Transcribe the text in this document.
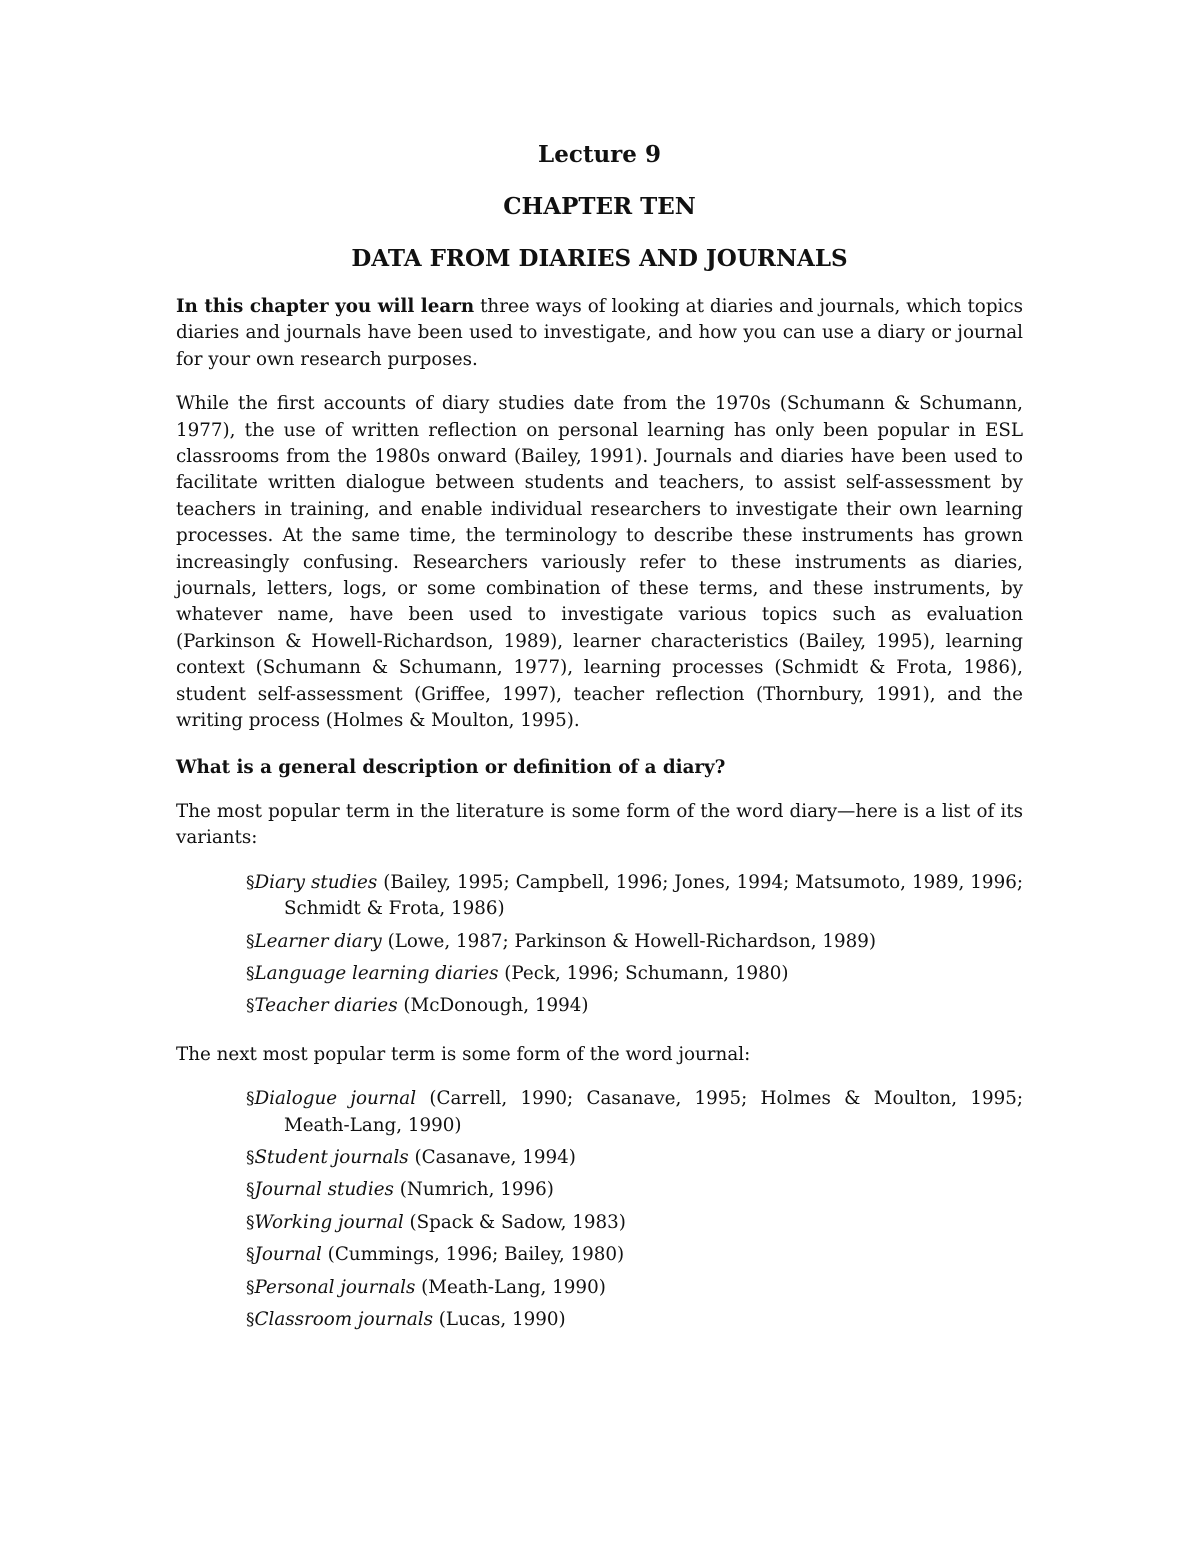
Lecture 9
CHAPTER TEN
DATA FROM DIARIES AND JOURNALS

In this chapter you will learn three ways of looking at diaries and journals, which topics diaries and journals have been used to investigate, and how you can use a diary or journal for your own research purposes.

While the first accounts of diary studies date from the 1970s (Schumann & Schumann, 1977), the use of written reflection on personal learning has only been popular in ESL classrooms from the 1980s onward (Bailey, 1991). Journals and diaries have been used to facilitate written dialogue between students and teachers, to assist self-assessment by teachers in training, and enable individual researchers to investigate their own learning processes. At the same time, the terminology to describe these instruments has grown increasingly confusing. Researchers variously refer to these instruments as diaries, journals, letters, logs, or some combination of these terms, and these instruments, by whatever name, have been used to investigate various topics such as evaluation (Parkinson & Howell-Richardson, 1989), learner characteristics (Bailey, 1995), learning context (Schumann & Schumann, 1977), learning processes (Schmidt & Frota, 1986), student self-assessment (Griffee, 1997), teacher reflection (Thornbury, 1991), and the writing process (Holmes & Moulton, 1995).

What is a general description or definition of a diary?

The most popular term in the literature is some form of the word diary—here is a list of its variants:

§Diary studies (Bailey, 1995; Campbell, 1996; Jones, 1994; Matsumoto, 1989, 1996; Schmidt & Frota, 1986)
§Learner diary (Lowe, 1987; Parkinson & Howell-Richardson, 1989)
§Language learning diaries (Peck, 1996; Schumann, 1980)
§Teacher diaries (McDonough, 1994)

The next most popular term is some form of the word journal:

§Dialogue journal (Carrell, 1990; Casanave, 1995; Holmes & Moulton, 1995; Meath-Lang, 1990)
§Student journals (Casanave, 1994)
§Journal studies (Numrich, 1996)
§Working journal (Spack & Sadow, 1983)
§Journal (Cummings, 1996; Bailey, 1980)
§Personal journals (Meath-Lang, 1990)
§Classroom journals (Lucas, 1990)
